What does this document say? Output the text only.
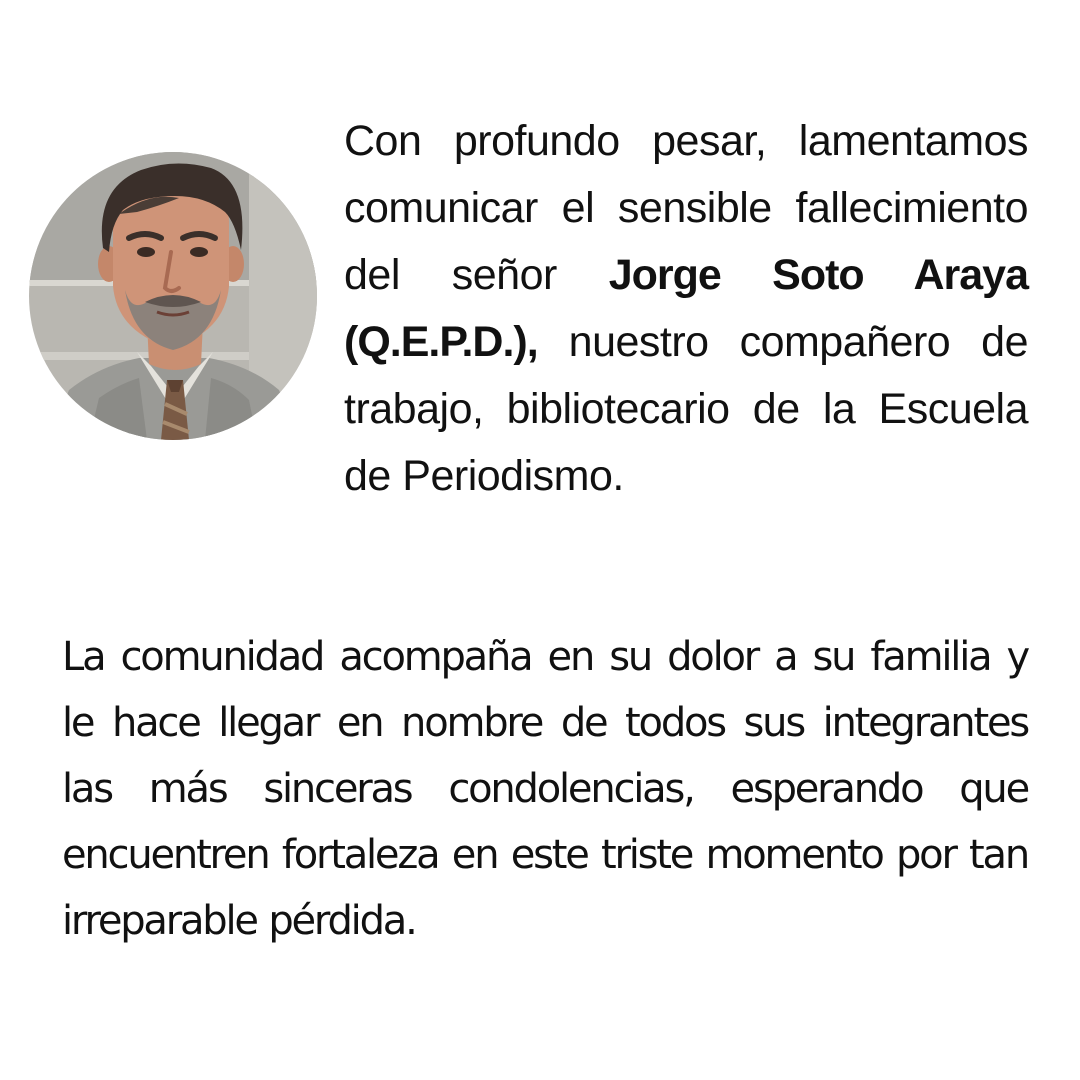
Con profundo pesar, lamentamos comunicar el sensible fallecimiento del señor Jorge Soto Araya (Q.E.P.D.), nuestro compañero de trabajo, bibliotecario de la Escuela de Periodismo.

La comunidad acompaña en su dolor a su familia y le hace llegar en nombre de todos sus integrantes las más sinceras condolencias, esperando que encuentren fortaleza en este triste momento por tan irreparable pérdida.
